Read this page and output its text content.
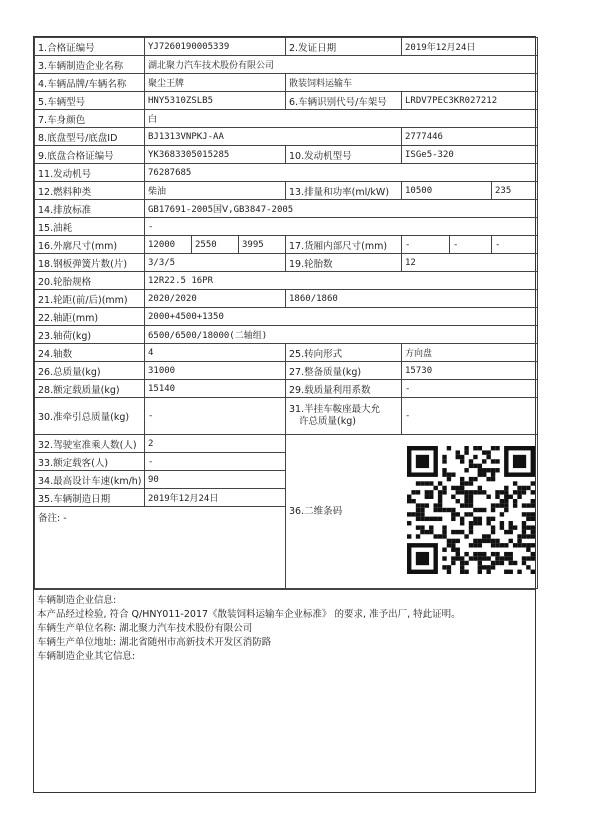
1.合格证编号	YJ7260190005339			2.发证日期	2019年12月24日		
3.车辆制造企业名称	湖北聚力汽车技术股份有限公司						
4.车辆品牌/车辆名称	聚尘王牌			散装饲料运输车			
5.车辆型号	HNY5310ZSLB5			6.车辆识别代号/车架号	LRDV7PEC3KR027212		
7.车身颜色	白						
8.底盘型号/底盘ID	BJ1313VNPKJ-AA				2777446		
9.底盘合格证编号	YK3683305015285			10.发动机型号	ISGe5-320		
11.发动机号	76287685						
12.燃料种类	柴油			13.排量和功率(ml/kW)	10500		235
14.排放标准	GB17691-2005国Ⅴ,GB3847-2005						
15.油耗	-						
16.外廓尺寸(mm)	12000	2550	3995	17.货厢内部尺寸(mm)	-	-	-
18.钢板弹簧片数(片)	3/3/5			19.轮胎数	12		
20.轮胎规格	12R22.5 16PR						
21.轮距(前/后)(mm)	2020/2020			1860/1860			
22.轴距(mm)	2000+4500+1350						
23.轴荷(kg)	6500/6500/18000(二轴组)						
24.轴数	4			25.转向形式	方向盘		
26.总质量(kg)	31000			27.整备质量(kg)	15730		
28.额定载质量(kg)	15140			29.载质量利用系数	-		
30.准牵引总质量(kg)	-			31.半挂车鞍座最大允
许总质量(kg)	-		
32.驾驶室准乘人数(人)	2			36.二维条码			

33.额定载客(人)	-						
34.最高设计车速(km/h)	90						
35.车辆制造日期	2019年12月24日						
备注: -							
车辆制造企业信息:
本产品经过检验, 符合 Q/HNY011-2017《散装饲料运输车企业标准》 的要求, 准予出厂, 特此证明。
车辆生产单位名称: 湖北聚力汽车技术股份有限公司
车辆生产单位地址: 湖北省随州市高新技术开发区消防路
车辆制造企业其它信息:
